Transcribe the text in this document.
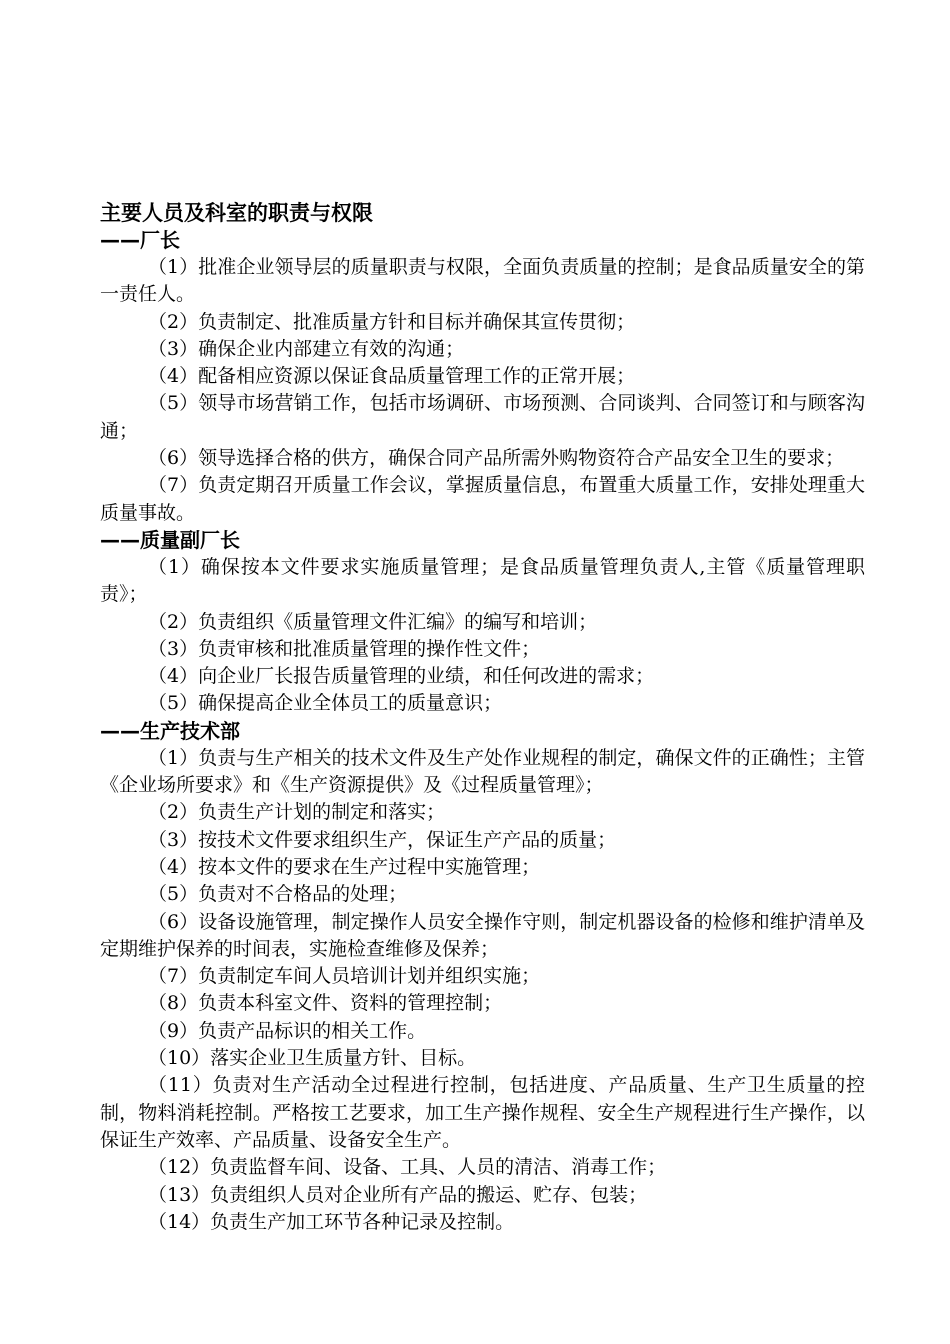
主要人员及科室的职责与权限
——厂长

（1）批准企业领导层的质量职责与权限，全面负责质量的控制；是食品质量安全的第一责任人。

（2）负责制定、批准质量方针和目标并确保其宣传贯彻；

（3）确保企业内部建立有效的沟通；

（4）配备相应资源以保证食品质量管理工作的正常开展；

（5）领导市场营销工作，包括市场调研、市场预测、合同谈判、合同签订和与顾客沟通；

（6）领导选择合格的供方，确保合同产品所需外购物资符合产品安全卫生的要求；

（7）负责定期召开质量工作会议，掌握质量信息，布置重大质量工作，安排处理重大质量事故。

——质量副厂长

（1）确保按本文件要求实施质量管理；是食品质量管理负责人,主管《质量管理职责》；

（2）负责组织《质量管理文件汇编》的编写和培训；

（3）负责审核和批准质量管理的操作性文件；

（4）向企业厂长报告质量管理的业绩，和任何改进的需求；

（5）确保提高企业全体员工的质量意识；

——生产技术部

（1）负责与生产相关的技术文件及生产处作业规程的制定，确保文件的正确性；主管《企业场所要求》和《生产资源提供》及《过程质量管理》；

（2）负责生产计划的制定和落实；

（3）按技术文件要求组织生产，保证生产产品的质量；

（4）按本文件的要求在生产过程中实施管理；

（5）负责对不合格品的处理；

（6）设备设施管理，制定操作人员安全操作守则，制定机器设备的检修和维护清单及定期维护保养的时间表，实施检查维修及保养；

（7）负责制定车间人员培训计划并组织实施；

（8）负责本科室文件、资料的管理控制；

（9）负责产品标识的相关工作。

（10）落实企业卫生质量方针、目标。

（11）负责对生产活动全过程进行控制，包括进度、产品质量、生产卫生质量的控制，物料消耗控制。严格按工艺要求，加工生产操作规程、安全生产规程进行生产操作，以保证生产效率、产品质量、设备安全生产。

（12）负责监督车间、设备、工具、人员的清洁、消毒工作；

（13）负责组织人员对企业所有产品的搬运、贮存、包装；

（14）负责生产加工环节各种记录及控制。
